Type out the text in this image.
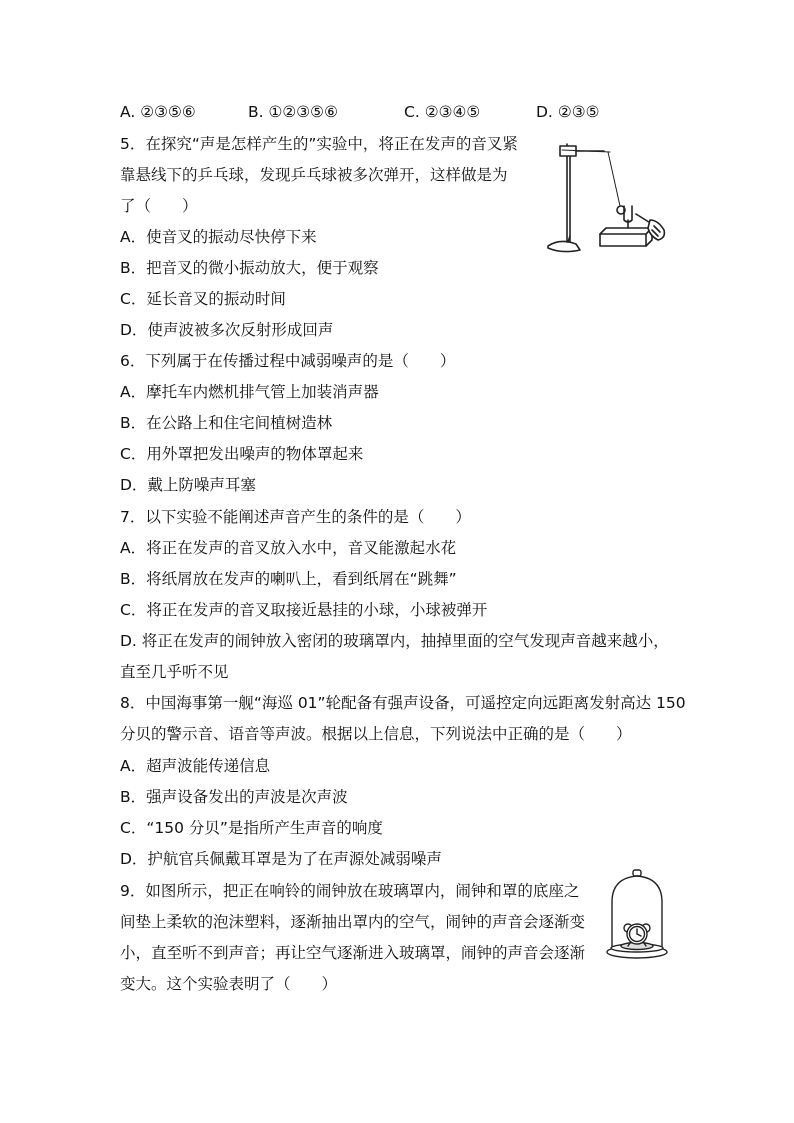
A. ②③⑤⑥	B. ①②③⑤⑥	C. ②③④⑤	D. ②③⑤
5．在探究“声是怎样产生的”实验中，将正在发声的音叉紧
靠悬线下的乒乓球，发现乒乓球被多次弹开，这样做是为
了（　　）
A．使音叉的振动尽快停下来
B．把音叉的微小振动放大，便于观察
C．延长音叉的振动时间
D．使声波被多次反射形成回声
6．下列属于在传播过程中减弱噪声的是（　　）
A．摩托车内燃机排气管上加装消声器
B．在公路上和住宅间植树造林
C．用外罩把发出噪声的物体罩起来
D．戴上防噪声耳塞
7．以下实验不能阐述声音产生的条件的是（　　）
A．将正在发声的音叉放入水中，音叉能激起水花
B．将纸屑放在发声的喇叭上，看到纸屑在“跳舞”
C．将正在发声的音叉取接近悬挂的小球，小球被弹开
D. 将正在发声的闹钟放入密闭的玻璃罩内，抽掉里面的空气发现声音越来越小，
直至几乎听不见
8．中国海事第一舰“海巡 01”轮配备有强声设备，可遥控定向远距离发射高达 150
分贝的警示音、语音等声波。根据以上信息，下列说法中正确的是（　　）
A．超声波能传递信息
B．强声设备发出的声波是次声波
C．“150 分贝”是指所产生声音的响度
D．护航官兵佩戴耳罩是为了在声源处减弱噪声
9．如图所示，把正在响铃的闹钟放在玻璃罩内，闹钟和罩的底座之
间垫上柔软的泡沫塑料，逐渐抽出罩内的空气，闹钟的声音会逐渐变
小，直至听不到声音；再让空气逐渐进入玻璃罩，闹钟的声音会逐渐
变大。这个实验表明了（　　）
